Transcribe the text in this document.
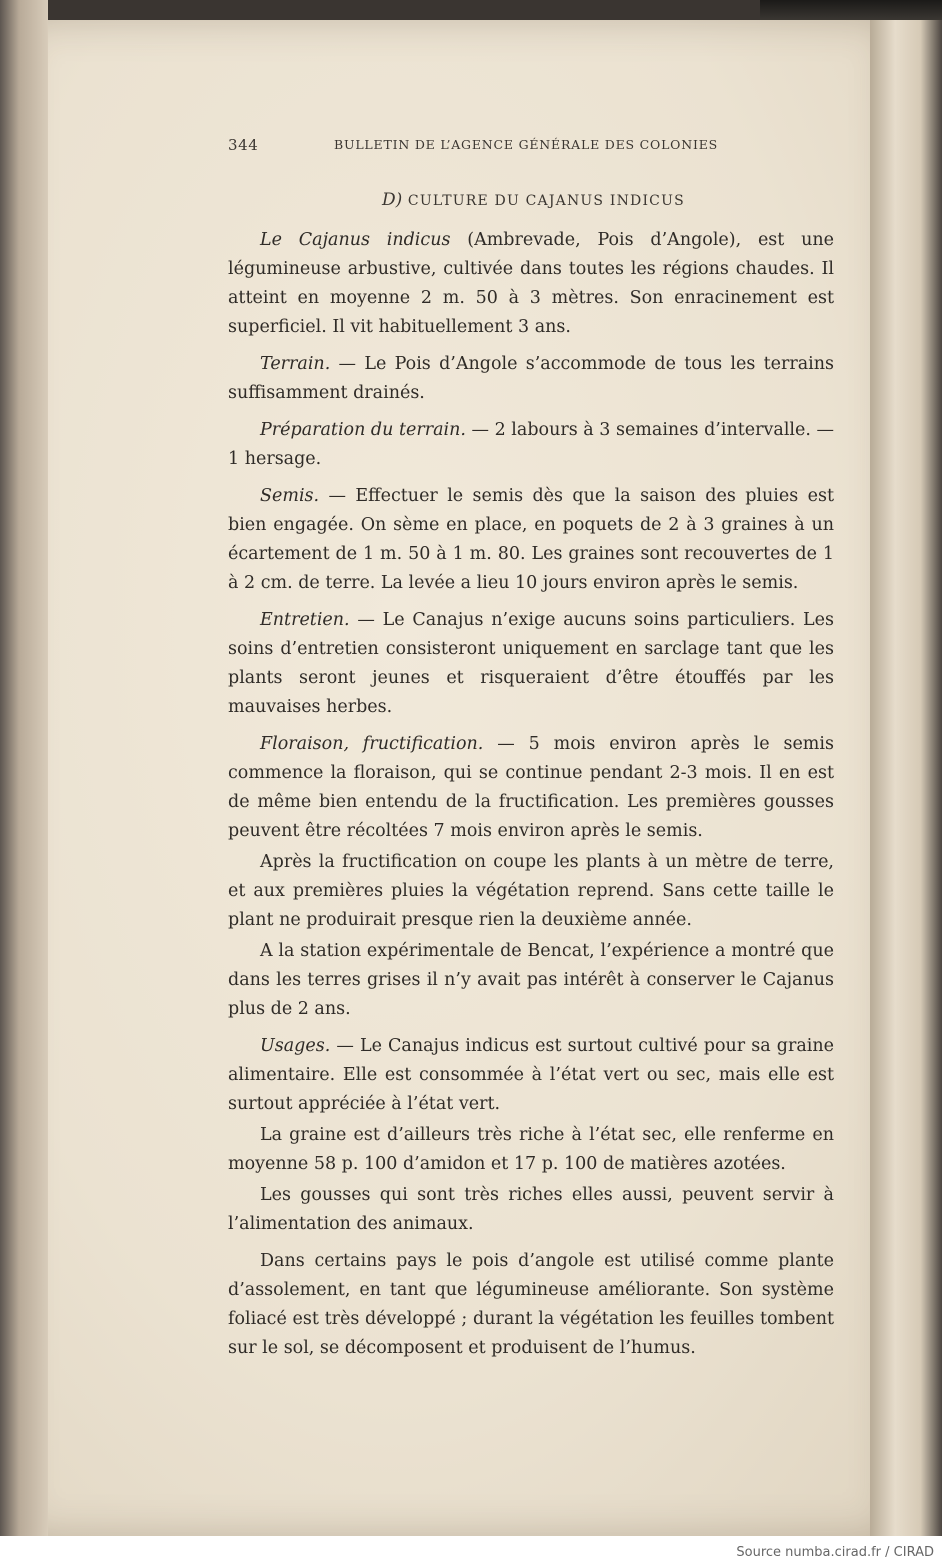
344	BULLETIN DE L’AGENCE GÉNÉRALE DES COLONIES
D) CULTURE DU CAJANUS INDICUS

Le Cajanus indicus (Ambrevade, Pois d’Angole), est une légumineuse arbustive, cultivée dans toutes les régions chaudes. Il atteint en moyenne 2 m. 50 à 3 mètres. Son enracinement est superficiel. Il vit habituellement 3 ans.

Terrain. — Le Pois d’Angole s’accommode de tous les terrains suffisamment drainés.

Préparation du terrain. — 2 labours à 3 semaines d’intervalle. — 1 hersage.

Semis. — Effectuer le semis dès que la saison des pluies est bien engagée. On sème en place, en poquets de 2 à 3 graines à un écartement de 1 m. 50 à 1 m. 80. Les graines sont recouvertes de 1 à 2 cm. de terre. La levée a lieu 10 jours environ après le semis.

Entretien. — Le Canajus n’exige aucuns soins particuliers. Les soins d’entretien consisteront uniquement en sarclage tant que les plants seront jeunes et risqueraient d’être étouffés par les mauvaises herbes.

Floraison, fructification. — 5 mois environ après le semis commence la floraison, qui se continue pendant 2-3 mois. Il en est de même bien entendu de la fructification. Les premières gousses peuvent être récoltées 7 mois environ après le semis.

Après la fructification on coupe les plants à un mètre de terre, et aux premières pluies la végétation reprend. Sans cette taille le plant ne produirait presque rien la deuxième année.

A la station expérimentale de Bencat, l’expérience a montré que dans les terres grises il n’y avait pas intérêt à conserver le Cajanus plus de 2 ans.

Usages. — Le Canajus indicus est surtout cultivé pour sa graine alimentaire. Elle est consommée à l’état vert ou sec, mais elle est surtout appréciée à l’état vert.

La graine est d’ailleurs très riche à l’état sec, elle renferme en moyenne 58 p. 100 d’amidon et 17 p. 100 de matières azotées.

Les gousses qui sont très riches elles aussi, peuvent servir à l’alimentation des animaux.

Dans certains pays le pois d’angole est utilisé comme plante d’assolement, en tant que légumineuse améliorante. Son système foliacé est très développé ; durant la végétation les feuilles tombent sur le sol, se décomposent et produisent de l’humus.

Source numba.cirad.fr / CIRAD
